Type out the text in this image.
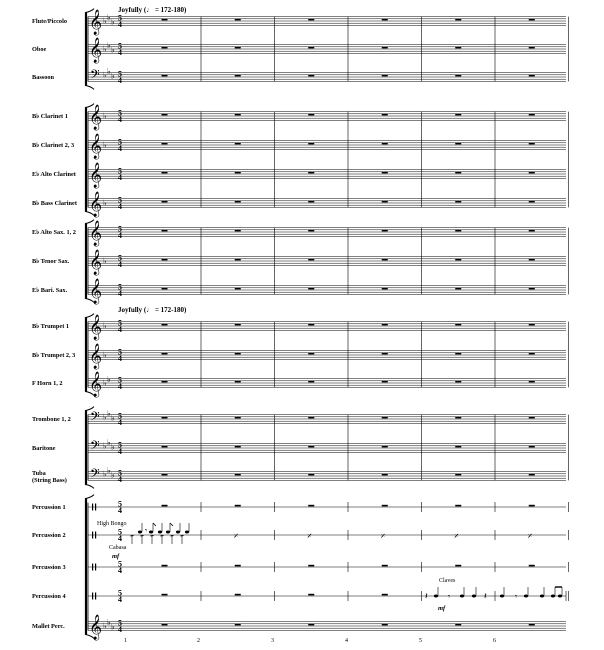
Flute/Piccolo 𝄞 ♭ ♭ ♭ 5
4
Oboe 𝄞 ♭ ♭ ♭ 5
4
Bassoon 𝄢 ♭ ♭ ♭ 5
4
B♭ Clarinet 1 𝄞 ♭ 5
4
B♭ Clarinet 2, 3 𝄞 ♭ 5
4
E♭ Alto Clarinet 𝄞 5
4
B♭ Bass Clarinet 𝄞 ♭ 5
4
E♭ Alto Sax. 1, 2 𝄞 5
4
B♭ Tenor Sax. 𝄞 ♭ 5
4
E♭ Bari. Sax. 𝄞 5
4
B♭ Trumpet 1 𝄞 ♭ 5
4
B♭ Trumpet 2, 3 𝄞 ♭ 5
4
F Horn 1, 2 𝄞 ♭ ♭ 5
4
Trombone 1, 2 𝄢 ♭ ♭ ♭ 5
4
Baritone 𝄢 ♭ ♭ ♭ 5
4
Tuba
(String Bass) 𝄢 ♭ ♭ ♭ 5
4
Percussion 1	5
4
Percussion 2	5
4	𝄎	𝄎	𝄎	𝄎	𝄎
Percussion 3	5
4
Percussion 4	5
4
Mallet Perc. 𝄞 ♭ ♭ ♭ 5
4
𝄾
𝄾	𝄾
𝄽	𝄽
Joyfully (♩ = 172-180)
Joyfully (♩ = 172-180)
High Bongo
Cabasa
mf
Claves
mf
1	2	3	4	5	6
